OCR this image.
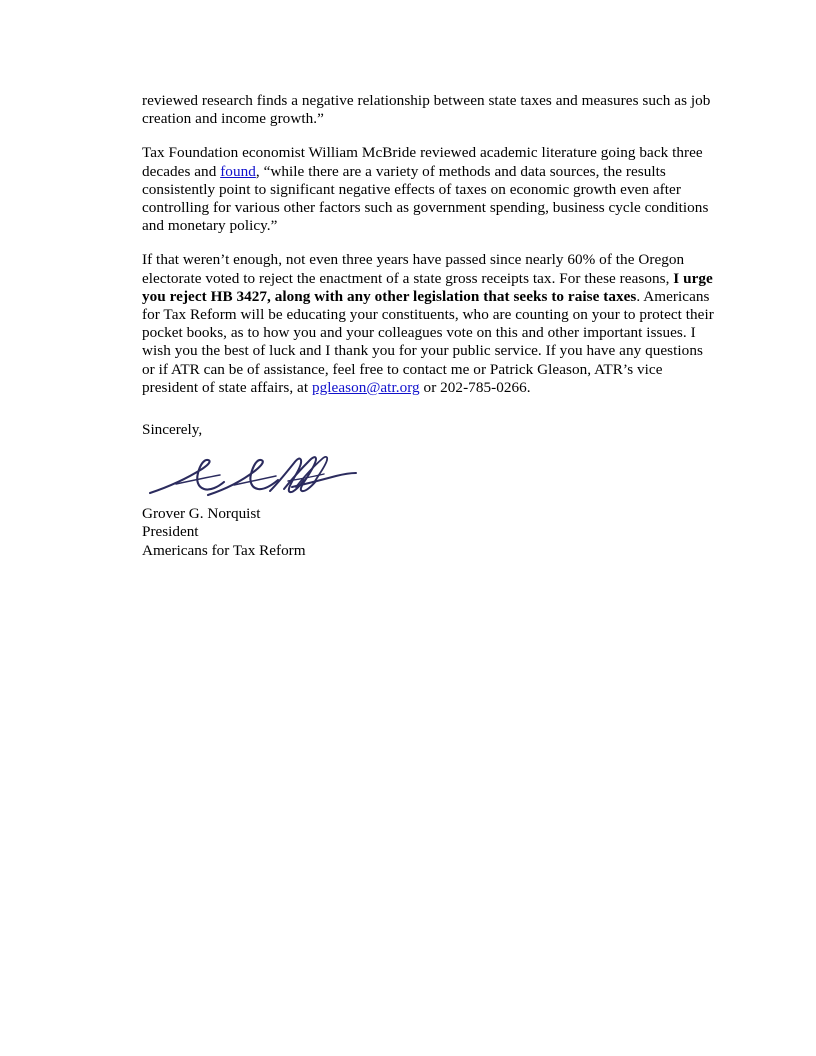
reviewed research finds a negative relationship between state taxes and measures such as job creation and income growth.”

Tax Foundation economist William McBride reviewed academic literature going back three decades and found, “while there are a variety of methods and data sources, the results consistently point to significant negative effects of taxes on economic growth even after controlling for various other factors such as government spending, business cycle conditions and monetary policy.”

If that weren’t enough, not even three years have passed since nearly 60% of the Oregon electorate voted to reject the enactment of a state gross receipts tax. For these reasons, I urge you reject HB 3427, along with any other legislation that seeks to raise taxes. Americans for Tax Reform will be educating your constituents, who are counting on your to protect their pocket books, as to how you and your colleagues vote on this and other important issues. I wish you the best of luck and I thank you for your public service. If you have any questions or if ATR can be of assistance, feel free to contact me or Patrick Gleason, ATR’s vice president of state affairs, at pgleason@atr.org or 202-785-0266.

Sincerely,

Grover G. Norquist
President
Americans for Tax Reform
